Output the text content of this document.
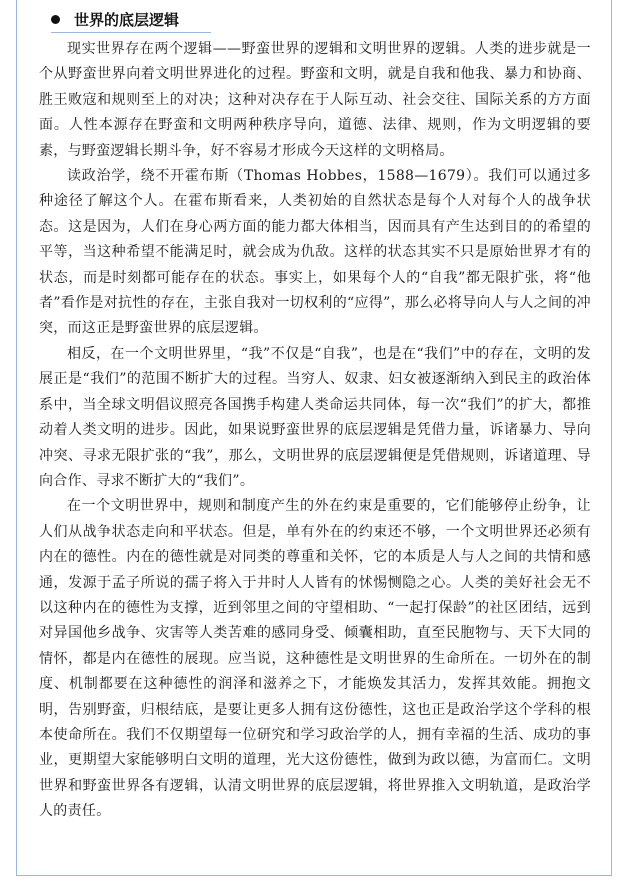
世界的底层逻辑

现实世界存在两个逻辑——野蛮世界的逻辑和文明世界的逻辑。人类的进步就是一个从野蛮世界向着文明世界进化的过程。野蛮和文明，就是自我和他我、暴力和协商、胜王败寇和规则至上的对决；这种对决存在于人际互动、社会交往、国际关系的方方面面。人性本源存在野蛮和文明两种秩序导向，道德、法律、规则，作为文明逻辑的要素，与野蛮逻辑长期斗争，好不容易才形成今天这样的文明格局。

读政治学，绕不开霍布斯（Thomas Hobbes，1588—1679）。我们可以通过多种途径了解这个人。在霍布斯看来，人类初始的自然状态是每个人对每个人的战争状态。这是因为，人们在身心两方面的能力都大体相当，因而具有产生达到目的的希望的平等，当这种希望不能满足时，就会成为仇敌。这样的状态其实不只是原始世界才有的状态，而是时刻都可能存在的状态。事实上，如果每个人的“自我”都无限扩张，将“他者”看作是对抗性的存在，主张自我对一切权利的“应得”，那么必将导向人与人之间的冲突，而这正是野蛮世界的底层逻辑。

相反，在一个文明世界里，“我”不仅是“自我”，也是在“我们”中的存在，文明的发展正是“我们”的范围不断扩大的过程。当穷人、奴隶、妇女被逐渐纳入到民主的政治体系中，当全球文明倡议照亮各国携手构建人类命运共同体，每一次“我们”的扩大，都推动着人类文明的进步。因此，如果说野蛮世界的底层逻辑是凭借力量，诉诸暴力、导向冲突、寻求无限扩张的“我”，那么，文明世界的底层逻辑便是凭借规则，诉诸道理、导向合作、寻求不断扩大的“我们”。

在一个文明世界中，规则和制度产生的外在约束是重要的，它们能够停止纷争，让人们从战争状态走向和平状态。但是，单有外在的约束还不够，一个文明世界还必须有内在的德性。内在的德性就是对同类的尊重和关怀，它的本质是人与人之间的共情和感通，发源于孟子所说的孺子将入于井时人人皆有的怵惕恻隐之心。人类的美好社会无不以这种内在的德性为支撑，近到邻里之间的守望相助、“一起打保龄”的社区团结，远到对异国他乡战争、灾害等人类苦难的感同身受、倾囊相助，直至民胞物与、天下大同的情怀，都是内在德性的展现。应当说，这种德性是文明世界的生命所在。一切外在的制度、机制都要在这种德性的润泽和滋养之下，才能焕发其活力，发挥其效能。拥抱文明，告别野蛮，归根结底，是要让更多人拥有这份德性，这也正是政治学这个学科的根本使命所在。我们不仅期望每一位研究和学习政治学的人，拥有幸福的生活、成功的事业，更期望大家能够明白文明的道理，光大这份德性，做到为政以德，为富而仁。文明世界和野蛮世界各有逻辑，认清文明世界的底层逻辑，将世界推入文明轨道，是政治学人的责任。
